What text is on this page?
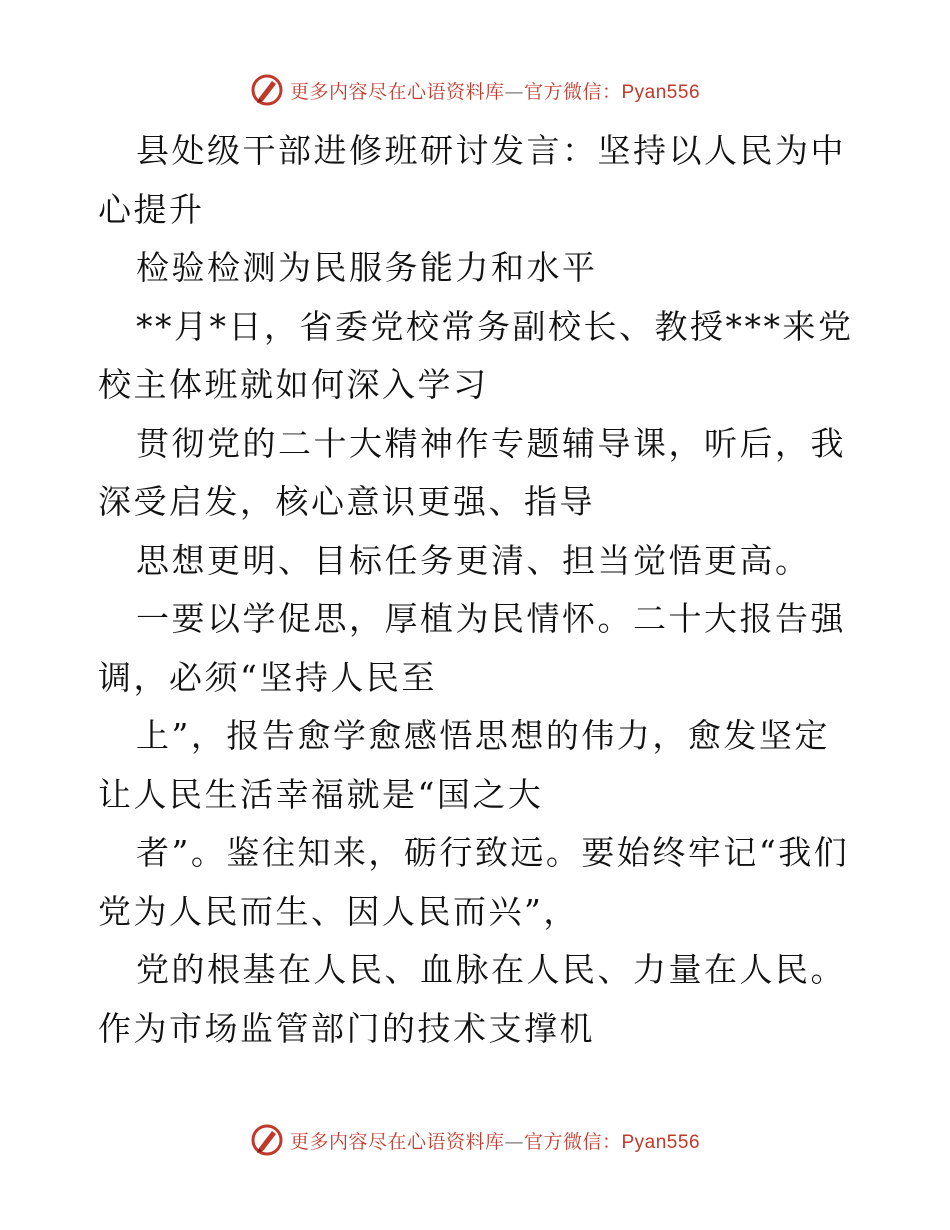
更多内容尽在心语资料库—官方微信：Pyan556

县处级干部进修班研讨发言：坚持以人民为中心提升

检验检测为民服务能力和水平

**月*日，省委党校常务副校长、教授***来党校主体班就如何深入学习

贯彻党的二十大精神作专题辅导课，听后，我深受启发，核心意识更强、指导

思想更明、目标任务更清、担当觉悟更高。

一要以学促思，厚植为民情怀。二十大报告强调，必须“坚持人民至

上”，报告愈学愈感悟思想的伟力，愈发坚定让人民生活幸福就是“国之大

者”。鉴往知来，砺行致远。要始终牢记“我们党为人民而生、因人民而兴”，

党的根基在人民、血脉在人民、力量在人民。作为市场监管部门的技术支撑机

更多内容尽在心语资料库—官方微信：Pyan556
